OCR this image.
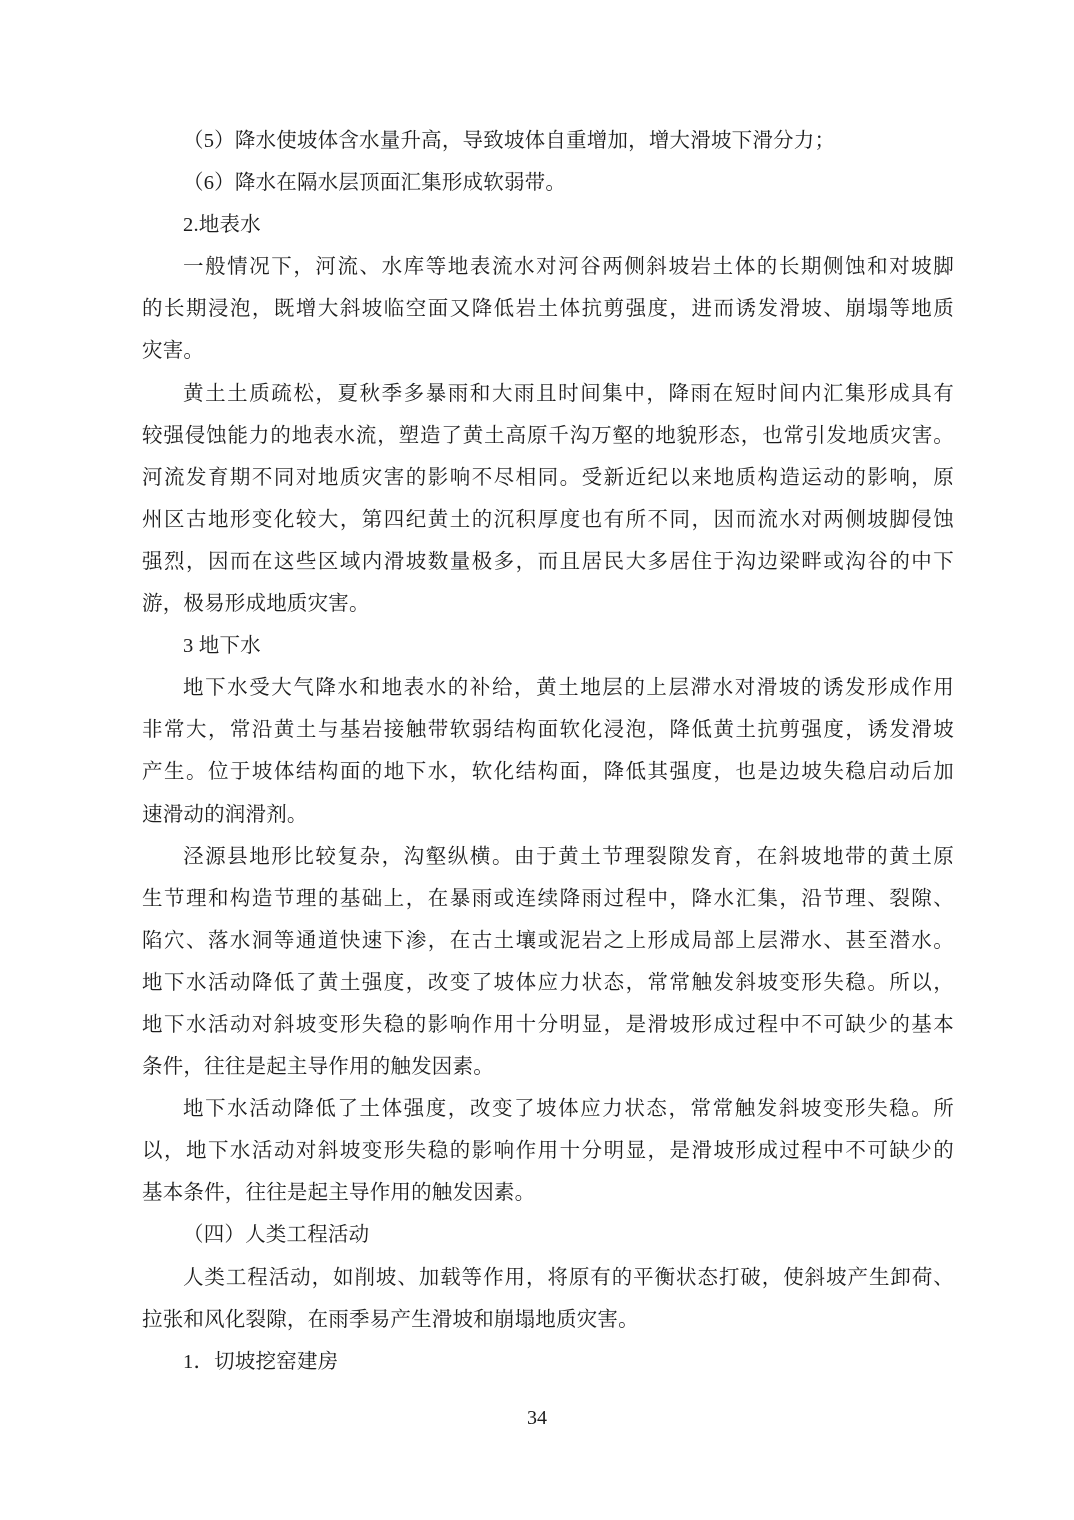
（5）降水使坡体含水量升高，导致坡体自重增加，增大滑坡下滑分力；
（6）降水在隔水层顶面汇集形成软弱带。
2.地表水
一般情况下，河流、水库等地表流水对河谷两侧斜坡岩土体的长期侧蚀和对坡脚
的长期浸泡，既增大斜坡临空面又降低岩土体抗剪强度，进而诱发滑坡、崩塌等地质
灾害。
黄土土质疏松，夏秋季多暴雨和大雨且时间集中，降雨在短时间内汇集形成具有
较强侵蚀能力的地表水流，塑造了黄土高原千沟万壑的地貌形态，也常引发地质灾害。
河流发育期不同对地质灾害的影响不尽相同。受新近纪以来地质构造运动的影响，原
州区古地形变化较大，第四纪黄土的沉积厚度也有所不同，因而流水对两侧坡脚侵蚀
强烈，因而在这些区域内滑坡数量极多，而且居民大多居住于沟边梁畔或沟谷的中下
游，极易形成地质灾害。
3 地下水
地下水受大气降水和地表水的补给，黄土地层的上层滞水对滑坡的诱发形成作用
非常大，常沿黄土与基岩接触带软弱结构面软化浸泡，降低黄土抗剪强度，诱发滑坡
产生。位于坡体结构面的地下水，软化结构面，降低其强度，也是边坡失稳启动后加
速滑动的润滑剂。
泾源县地形比较复杂，沟壑纵横。由于黄土节理裂隙发育，在斜坡地带的黄土原
生节理和构造节理的基础上，在暴雨或连续降雨过程中，降水汇集，沿节理、裂隙、
陷穴、落水洞等通道快速下渗，在古土壤或泥岩之上形成局部上层滞水、甚至潜水。
地下水活动降低了黄土强度，改变了坡体应力状态，常常触发斜坡变形失稳。所以，
地下水活动对斜坡变形失稳的影响作用十分明显，是滑坡形成过程中不可缺少的基本
条件，往往是起主导作用的触发因素。
地下水活动降低了土体强度，改变了坡体应力状态，常常触发斜坡变形失稳。所
以，地下水活动对斜坡变形失稳的影响作用十分明显，是滑坡形成过程中不可缺少的
基本条件，往往是起主导作用的触发因素。
（四）人类工程活动
人类工程活动，如削坡、加载等作用，将原有的平衡状态打破，使斜坡产生卸荷、
拉张和风化裂隙，在雨季易产生滑坡和崩塌地质灾害。
1．切坡挖窑建房
34
